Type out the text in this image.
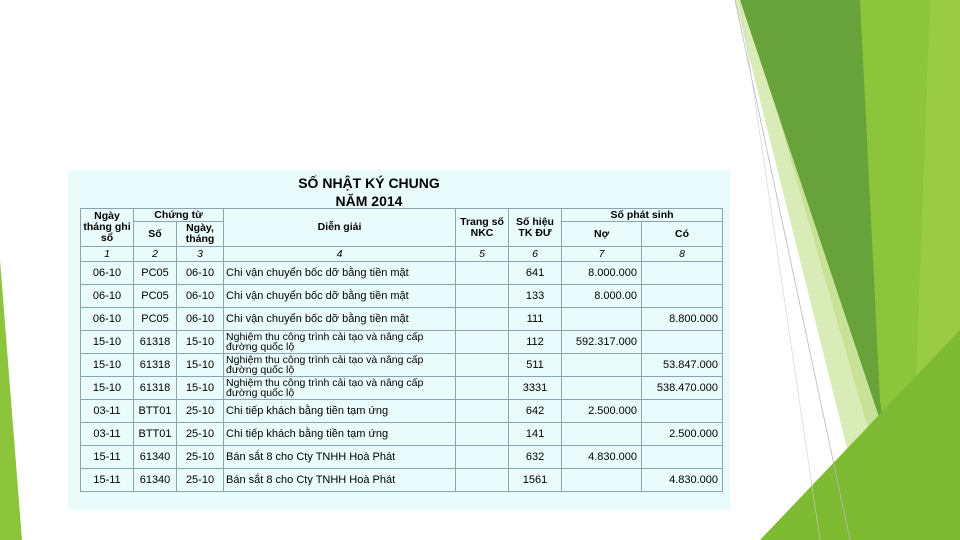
SỐ NHẬT KÝ CHUNG
NĂM 2014
Ngày tháng ghi sổ	Chứng từ		Diễn giải	Trang số NKC	Số hiệu TK ĐƯ	Số phát sinh	
	Số	Ngày, tháng				Nợ	Có
1	2	3	4	5	6	7	8
06-10	PC05	06-10	Chi vận chuyển bốc dỡ bằng tiền mặt		641	8.000.000	
06-10	PC05	06-10	Chi vận chuyển bốc dỡ bằng tiền mặt		133	8.000.00	
06-10	PC05	06-10	Chi vận chuyển bốc dỡ bằng tiền mặt		111		8.800.000
15-10	61318	15-10	Nghiệm thu công trình cải tạo và nâng cấp đường quốc lộ		112	592.317.000	
15-10	61318	15-10	Nghiệm thu công trình cải tạo và nâng cấp đường quốc lộ		511		53.847.000
15-10	61318	15-10	Nghiệm thu công trình cải tạo và nâng cấp đường quốc lộ		3331		538.470.000
03-11	BTT01	25-10	Chi tiếp khách bằng tiền tạm ứng		642	2.500.000	
03-11	BTT01	25-10	Chi tiếp khách bằng tiền tạm ứng		141		2.500.000
15-11	61340	25-10	Bán sắt 8 cho Cty TNHH Hoà Phát		632	4.830.000	
15-11	61340	25-10	Bán sắt 8 cho Cty TNHH Hoà Phát		1561		4.830.000
